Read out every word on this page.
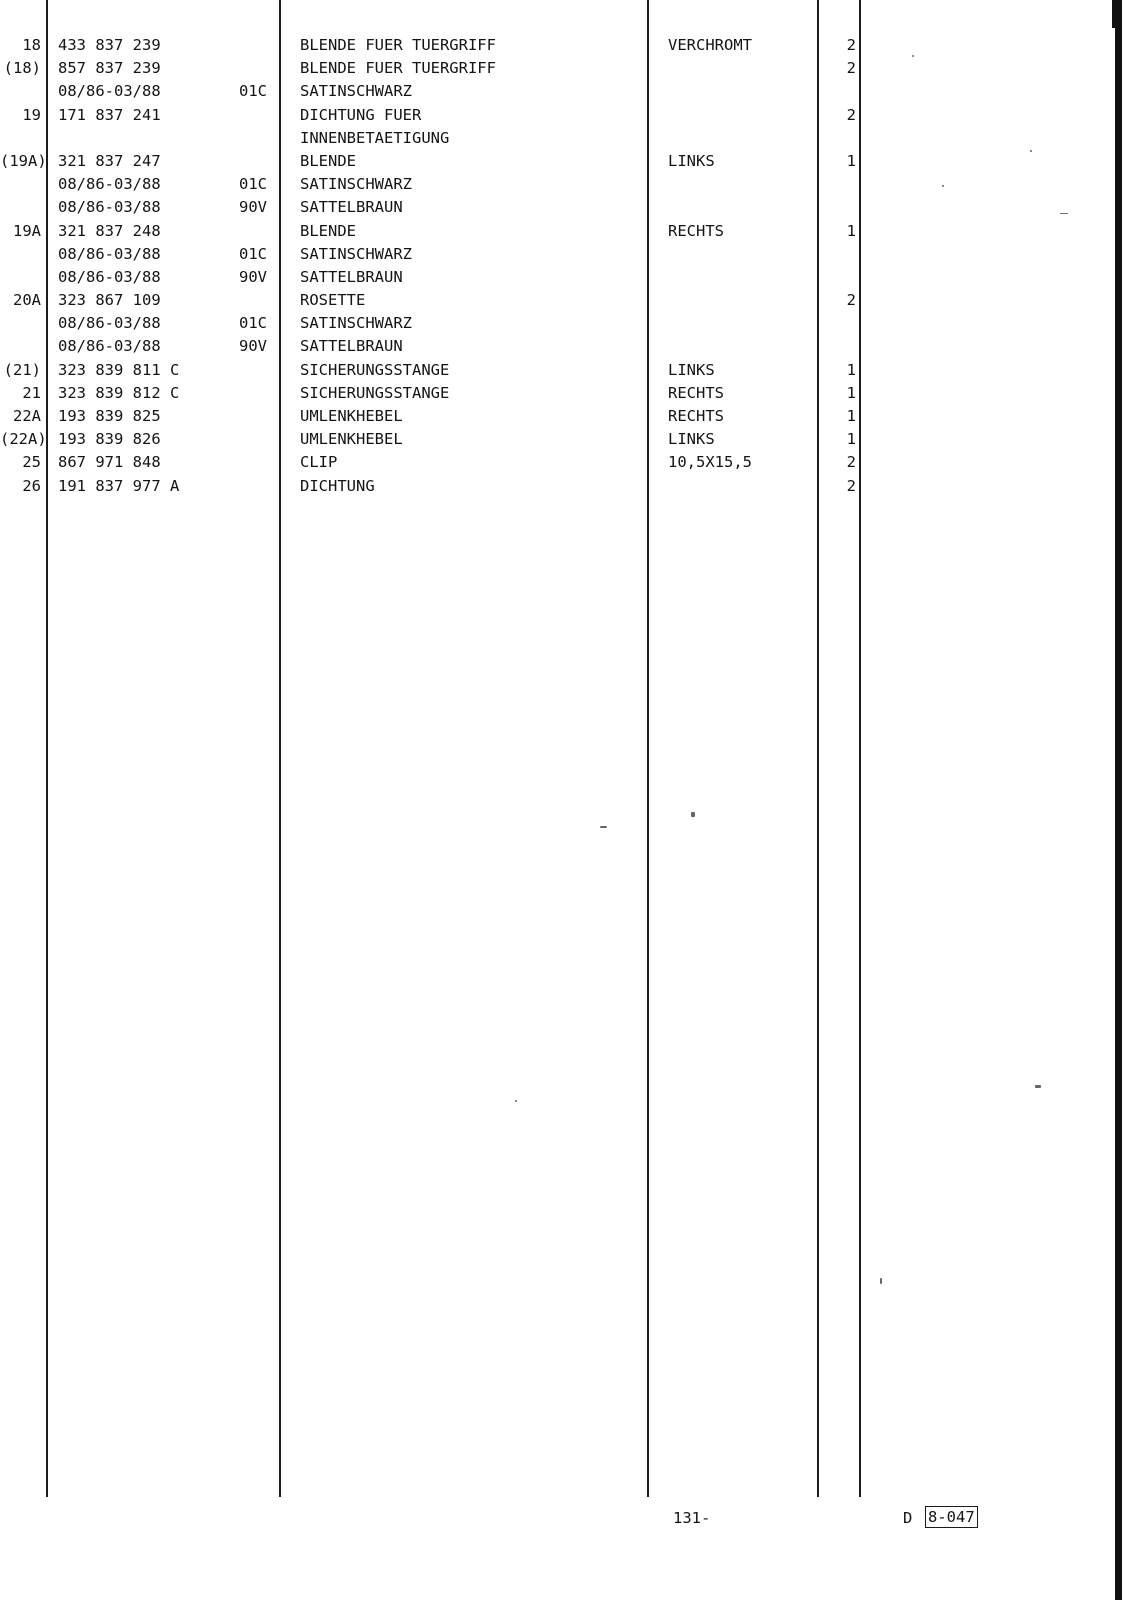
18 433 837 239	BLENDE FUER TUERGRIFF	VERCHROMT	2
(18) 857 837 239	BLENDE FUER TUERGRIFF	2
08/86-03/88	01C SATINSCHWARZ
19 171 837 241	DICHTUNG FUER	2
INNENBETAETIGUNG
(19A) 321 837 247	BLENDE	LINKS	1
08/86-03/88	01C SATINSCHWARZ
08/86-03/88	90V SATTELBRAUN
19A 321 837 248	BLENDE	RECHTS	1
08/86-03/88	01C SATINSCHWARZ
08/86-03/88	90V SATTELBRAUN
20A 323 867 109	ROSETTE	2
08/86-03/88	01C SATINSCHWARZ
08/86-03/88	90V SATTELBRAUN
(21) 323 839 811 C	SICHERUNGSSTANGE	LINKS	1
21 323 839 812 C	SICHERUNGSSTANGE	RECHTS	1
22A 193 839 825	UMLENKHEBEL	RECHTS	1
(22A) 193 839 826	UMLENKHEBEL	LINKS	1
25 867 971 848	CLIP	10,5X15,5	2
26 191 837 977 A	DICHTUNG	2
131-	D 8-047
